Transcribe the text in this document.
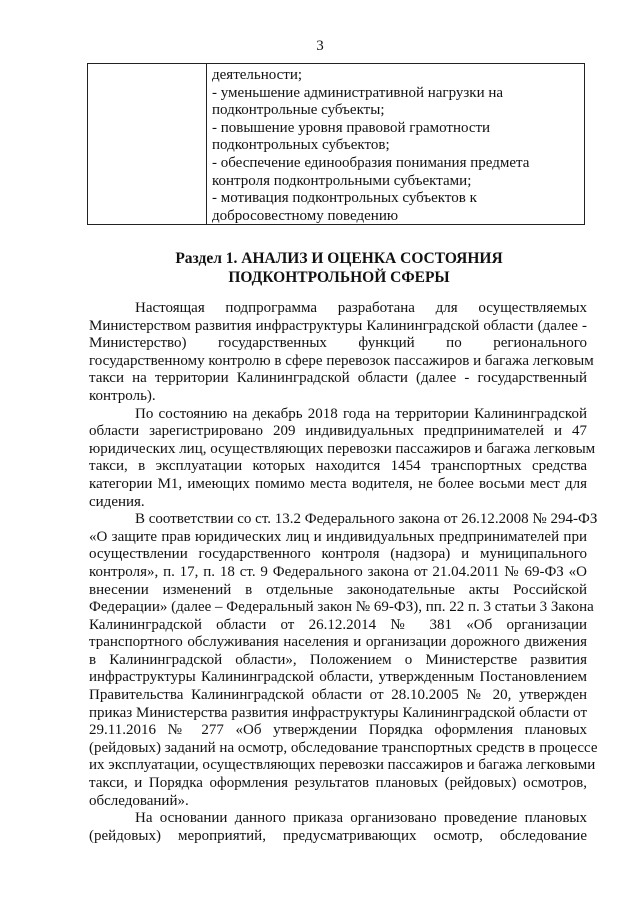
3
деятельности;
- уменьшение административной нагрузки на
подконтрольные субъекты;
- повышение уровня правовой грамотности
подконтрольных субъектов;
- обеспечение единообразия понимания предмета
контроля подконтрольными субъектами;
- мотивация подконтрольных субъектов к
добросовестному поведению
Раздел 1. АНАЛИЗ И ОЦЕНКА СОСТОЯНИЯ
ПОДКОНТРОЛЬНОЙ СФЕРЫ
Настоящая подпрограмма разработана для осуществляемых
Министерством развития инфраструктуры Калининградской области (далее -
Министерство) государственных функций по регионального
государственному контролю в сфере перевозок пассажиров и багажа легковым
такси на территории Калининградской области (далее - государственный
контроль).
По состоянию на декабрь 2018 года на территории Калининградской
области зарегистрировано 209 индивидуальных предпринимателей и 47
юридических лиц, осуществляющих перевозки пассажиров и багажа легковым
такси, в эксплуатации которых находится 1454 транспортных средства
категории М1, имеющих помимо места водителя, не более восьми мест для
сидения.
В соответствии со ст. 13.2 Федерального закона от 26.12.2008 № 294-ФЗ
«О защите прав юридических лиц и индивидуальных предпринимателей при
осуществлении государственного контроля (надзора) и муниципального
контроля», п. 17, п. 18 ст. 9 Федерального закона от 21.04.2011 № 69-ФЗ «О
внесении изменений в отдельные законодательные акты Российской
Федерации» (далее – Федеральный закон № 69-ФЗ), пп. 22 п. 3 статьи 3 Закона
Калининградской области от 26.12.2014 № 381 «Об организации
транспортного обслуживания населения и организации дорожного движения
в Калининградской области», Положением о Министерстве развития
инфраструктуры Калининградской области, утвержденным Постановлением
Правительства Калининградской области от 28.10.2005 № 20, утвержден
приказ Министерства развития инфраструктуры Калининградской области от
29.11.2016 № 277 «Об утверждении Порядка оформления плановых
(рейдовых) заданий на осмотр, обследование транспортных средств в процессе
их эксплуатации, осуществляющих перевозки пассажиров и багажа легковыми
такси, и Порядка оформления результатов плановых (рейдовых) осмотров,
обследований».
На основании данного приказа организовано проведение плановых
(рейдовых) мероприятий, предусматривающих осмотр, обследование
